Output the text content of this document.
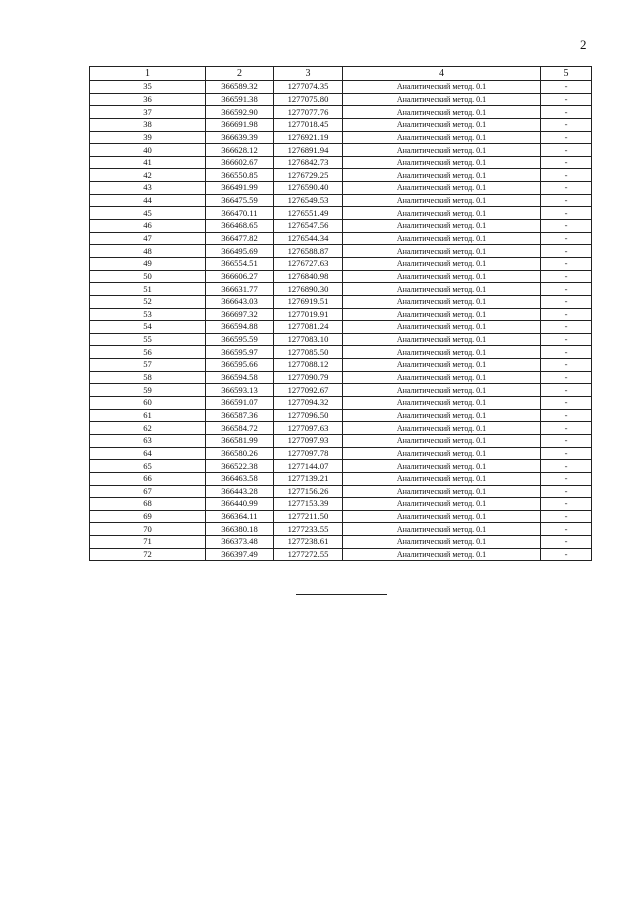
2
1	2	3	4	5
35	366589.32	1277074.35	Аналитический метод. 0.1	-
36	366591.38	1277075.80	Аналитический метод. 0.1	-
37	366592.90	1277077.76	Аналитический метод. 0.1	-
38	366691.98	1277018.45	Аналитический метод. 0.1	-
39	366639.39	1276921.19	Аналитический метод. 0.1	-
40	366628.12	1276891.94	Аналитический метод. 0.1	-
41	366602.67	1276842.73	Аналитический метод. 0.1	-
42	366550.85	1276729.25	Аналитический метод. 0.1	-
43	366491.99	1276590.40	Аналитический метод. 0.1	-
44	366475.59	1276549.53	Аналитический метод. 0.1	-
45	366470.11	1276551.49	Аналитический метод. 0.1	-
46	366468.65	1276547.56	Аналитический метод. 0.1	-
47	366477.82	1276544.34	Аналитический метод. 0.1	-
48	366495.69	1276588.87	Аналитический метод. 0.1	-
49	366554.51	1276727.63	Аналитический метод. 0.1	-
50	366606.27	1276840.98	Аналитический метод. 0.1	-
51	366631.77	1276890.30	Аналитический метод. 0.1	-
52	366643.03	1276919.51	Аналитический метод. 0.1	-
53	366697.32	1277019.91	Аналитический метод. 0.1	-
54	366594.88	1277081.24	Аналитический метод. 0.1	-
55	366595.59	1277083.10	Аналитический метод. 0.1	-
56	366595.97	1277085.50	Аналитический метод. 0.1	-
57	366595.66	1277088.12	Аналитический метод. 0.1	-
58	366594.58	1277090.79	Аналитический метод. 0.1	-
59	366593.13	1277092.67	Аналитический метод. 0.1	-
60	366591.07	1277094.32	Аналитический метод. 0.1	-
61	366587.36	1277096.50	Аналитический метод. 0.1	-
62	366584.72	1277097.63	Аналитический метод. 0.1	-
63	366581.99	1277097.93	Аналитический метод. 0.1	-
64	366580.26	1277097.78	Аналитический метод. 0.1	-
65	366522.38	1277144.07	Аналитический метод. 0.1	-
66	366463.58	1277139.21	Аналитический метод. 0.1	-
67	366443.28	1277156.26	Аналитический метод. 0.1	-
68	366440.99	1277153.39	Аналитический метод. 0.1	-
69	366364.11	1277211.50	Аналитический метод. 0.1	-
70	366380.18	1277233.55	Аналитический метод. 0.1	-
71	366373.48	1277238.61	Аналитический метод. 0.1	-
72	366397.49	1277272.55	Аналитический метод. 0.1	-
